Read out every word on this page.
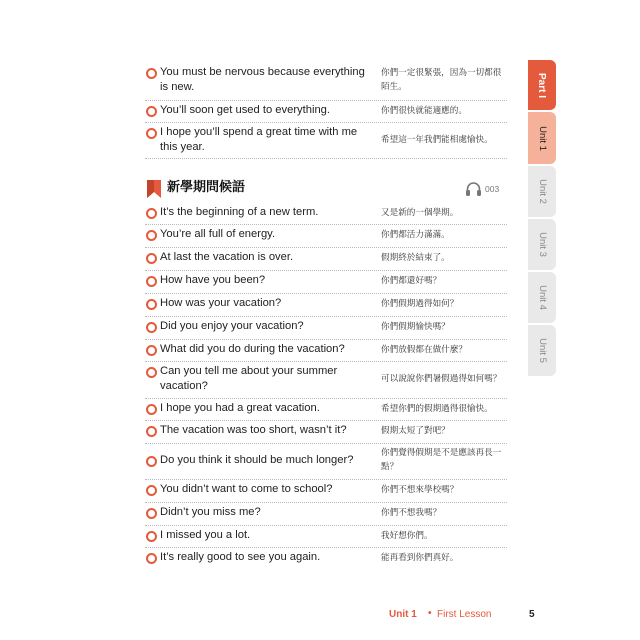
You must be nervous because everything is new.
你們一定很緊張，因為一切都很陌生。
You’ll soon get used to everything.	你們很快就能適應的。
I hope you’ll spend a great time with me this year.
希望這一年我們能相處愉快。
新學期問候語	003
It’s the beginning of a new term.	又是新的一個學期。
You’re all full of energy.	你們都活力滿滿。
At last the vacation is over.	假期終於結束了。
How have you been?	你們都還好嗎？
How was your vacation?	你們假期過得如何？
Did you enjoy your vacation?	你們假期愉快嗎？
What did you do during the vacation?	你們放假都在做什麼？
Can you tell me about your summer vacation?
可以說說你們暑假過得如何嗎？
I hope you had a great vacation.	希望你們的假期過得很愉快。
The vacation was too short, wasn’t it?	假期太短了對吧？
Do you think it should be much longer?
你們覺得假期是不是應該再長一點？
You didn’t want to come to school?	你們不想來學校嗎？
Didn’t you miss me?	你們不想我嗎？
I missed you a lot.	我好想你們。
It’s really good to see you again.	能再看到你們真好。
Part I
Unit 1
Unit 2
Unit 3
Unit 4
Unit 5
Unit 1 • First Lesson	5
